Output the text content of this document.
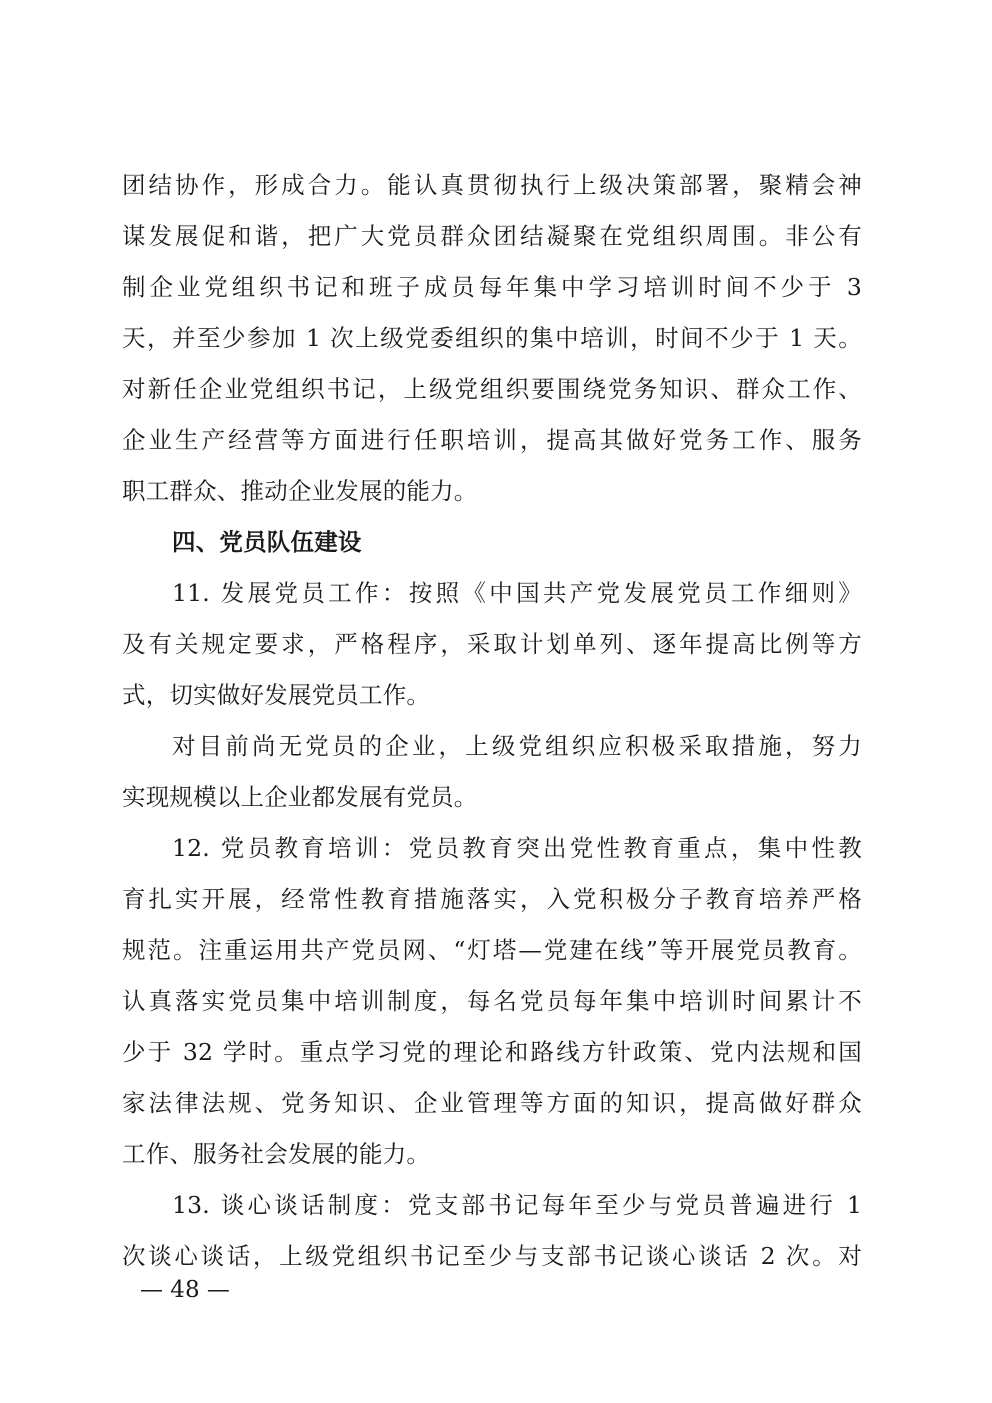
团结协作，形成合力。能认真贯彻执行上级决策部署，聚精会神
谋发展促和谐，把广大党员群众团结凝聚在党组织周围。非公有
制企业党组织书记和班子成员每年集中学习培训时间不少于 3
天，并至少参加 1 次上级党委组织的集中培训，时间不少于 1 天。
对新任企业党组织书记，上级党组织要围绕党务知识、群众工作、
企业生产经营等方面进行任职培训，提高其做好党务工作、服务
职工群众、推动企业发展的能力。
四、党员队伍建设
11. 发展党员工作：按照《中国共产党发展党员工作细则》
及有关规定要求，严格程序，采取计划单列、逐年提高比例等方
式，切实做好发展党员工作。
对目前尚无党员的企业，上级党组织应积极采取措施，努力
实现规模以上企业都发展有党员。
12. 党员教育培训：党员教育突出党性教育重点，集中性教
育扎实开展，经常性教育措施落实，入党积极分子教育培养严格
规范。注重运用共产党员网、“灯塔—党建在线”等开展党员教育。
认真落实党员集中培训制度，每名党员每年集中培训时间累计不
少于 32 学时。重点学习党的理论和路线方针政策、党内法规和国
家法律法规、党务知识、企业管理等方面的知识，提高做好群众
工作、服务社会发展的能力。
13. 谈心谈话制度：党支部书记每年至少与党员普遍进行 1
次谈心谈话，上级党组织书记至少与支部书记谈心谈话 2 次。对
— 48 —
